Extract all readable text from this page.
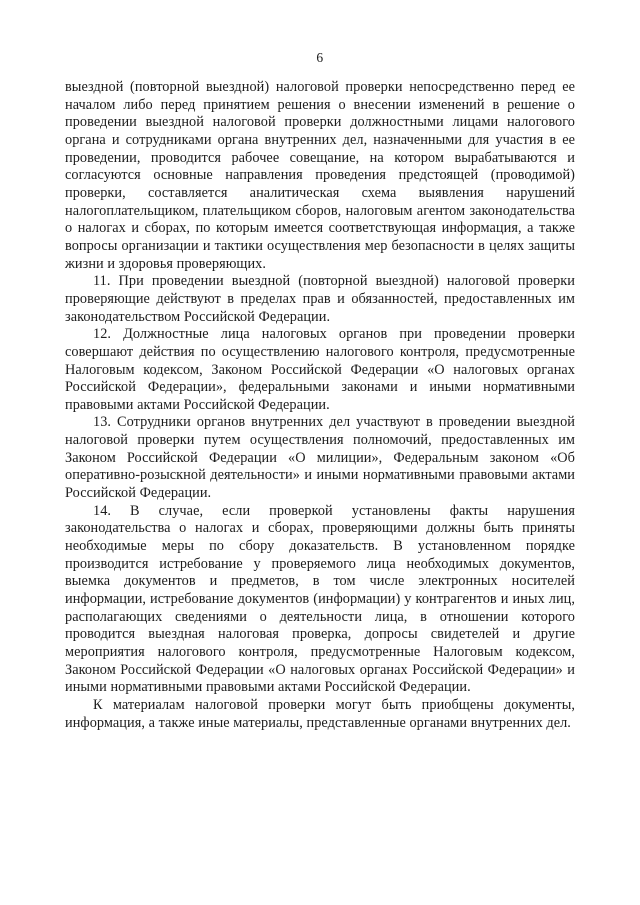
6

выездной (повторной выездной) налоговой проверки непосредственно перед ее началом либо перед принятием решения о внесении изменений в решение о проведении выездной налоговой проверки должностными лицами налогового органа и сотрудниками органа внутренних дел, назначенными для участия в ее проведении, проводится рабочее совещание, на котором вырабатываются и согласуются основные направления проведения предстоящей (проводимой) проверки, составляется аналитическая схема выявления нарушений налогоплательщиком, плательщиком сборов, налоговым агентом законодательства о налогах и сборах, по которым имеется соответствующая информация, а также вопросы организации и тактики осуществления мер безопасности в целях защиты жизни и здоровья проверяющих.

11. При проведении выездной (повторной выездной) налоговой проверки проверяющие действуют в пределах прав и обязанностей, предоставленных им законодательством Российской Федерации.

12. Должностные лица налоговых органов при проведении проверки совершают действия по осуществлению налогового контроля, предусмотренные Налоговым кодексом, Законом Российской Федерации «О налоговых органах Российской Федерации», федеральными законами и иными нормативными правовыми актами Российской Федерации.

13. Сотрудники органов внутренних дел участвуют в проведении выездной налоговой проверки путем осуществления полномочий, предоставленных им Законом Российской Федерации «О милиции», Федеральным законом «Об оперативно-розыскной деятельности» и иными нормативными правовыми актами Российской Федерации.

14. В случае, если проверкой установлены факты нарушения законодательства о налогах и сборах, проверяющими должны быть приняты необходимые меры по сбору доказательств. В установленном порядке производится истребование у проверяемого лица необходимых документов, выемка документов и предметов, в том числе электронных носителей информации, истребование документов (информации) у контрагентов и иных лиц, располагающих сведениями о деятельности лица, в отношении которого проводится выездная налоговая проверка, допросы свидетелей и другие мероприятия налогового контроля, предусмотренные Налоговым кодексом, Законом Российской Федерации «О налоговых органах Российской Федерации» и иными нормативными правовыми актами Российской Федерации.

К материалам налоговой проверки могут быть приобщены документы, информация, а также иные материалы, представленные органами внутренних дел.
